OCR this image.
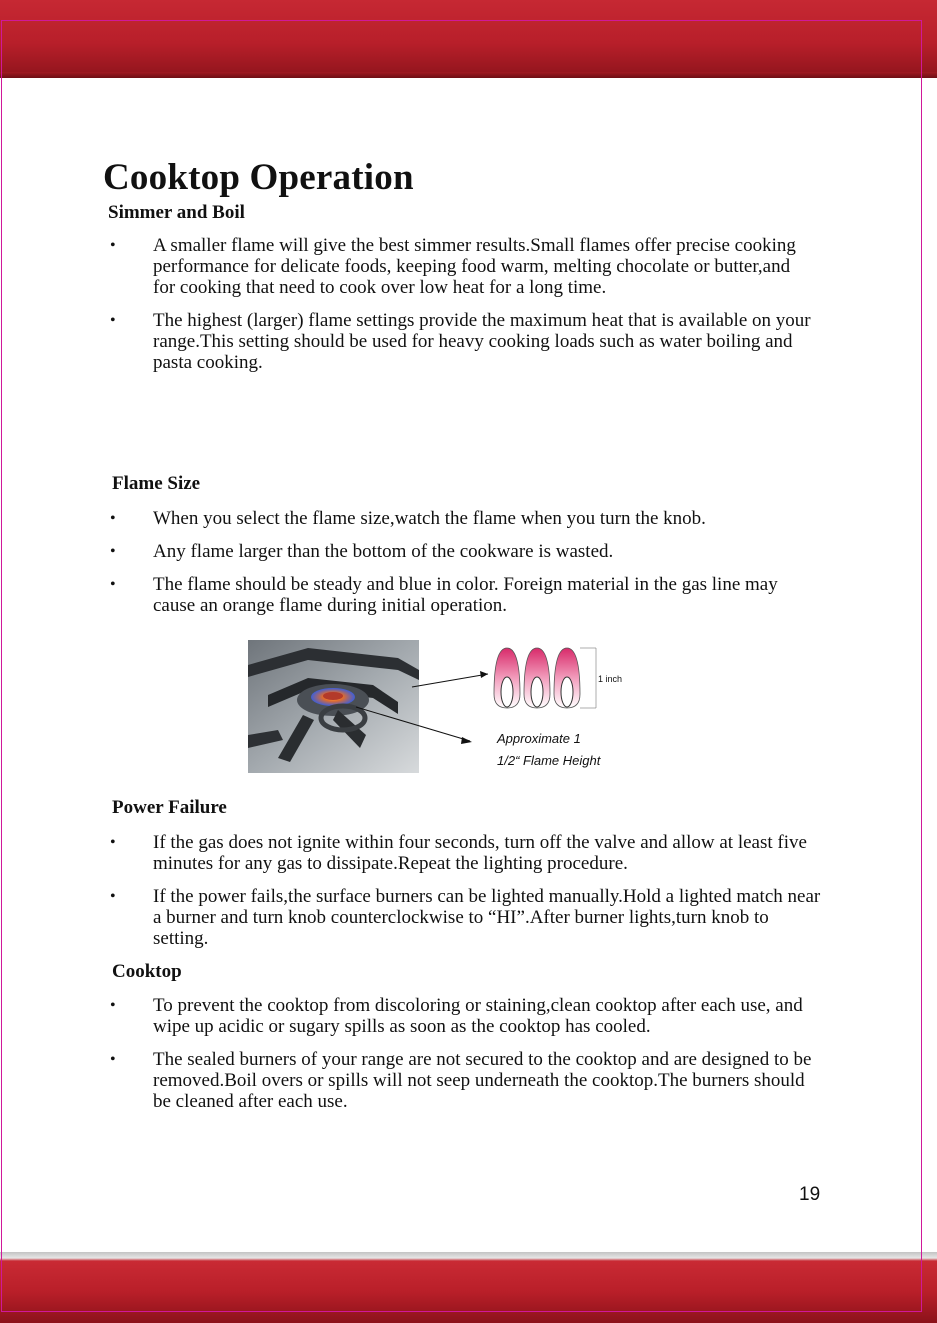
Cooktop Operation
Simmer and Boil

• A smaller flame will give the best simmer results.Small flames offer precise cooking performance for delicate foods, keeping food warm, melting chocolate or butter,and for cooking that need to cook over low heat for a long time.

• The highest (larger) flame settings provide the maximum heat that is available on your range.This setting should be used for heavy cooking loads such as water boiling and pasta cooking.

Flame Size

• When you select the flame size,watch the flame when you turn the knob.

• Any flame larger than the bottom of the cookware is wasted.

• The flame should be steady and blue in color. Foreign material in the gas line may cause an orange flame during initial operation.

1 inch
Approximate 1
1/2“ Flame Height
Power Failure

• If the gas does not ignite within four seconds, turn off the valve and allow at least five minutes for any gas to dissipate.Repeat the lighting procedure.

• If the power fails,the surface burners can be lighted manually.Hold a lighted match near a burner and turn knob counterclockwise to “HI”.After burner lights,turn knob to setting.

Cooktop

• To prevent the cooktop from discoloring or staining,clean cooktop after each use, and wipe up acidic or sugary spills as soon as the cooktop has cooled.

• The sealed burners of your range are not secured to the cooktop and are designed to be removed.Boil overs or spills will not seep underneath the cooktop.The burners should be cleaned after each use.

19
